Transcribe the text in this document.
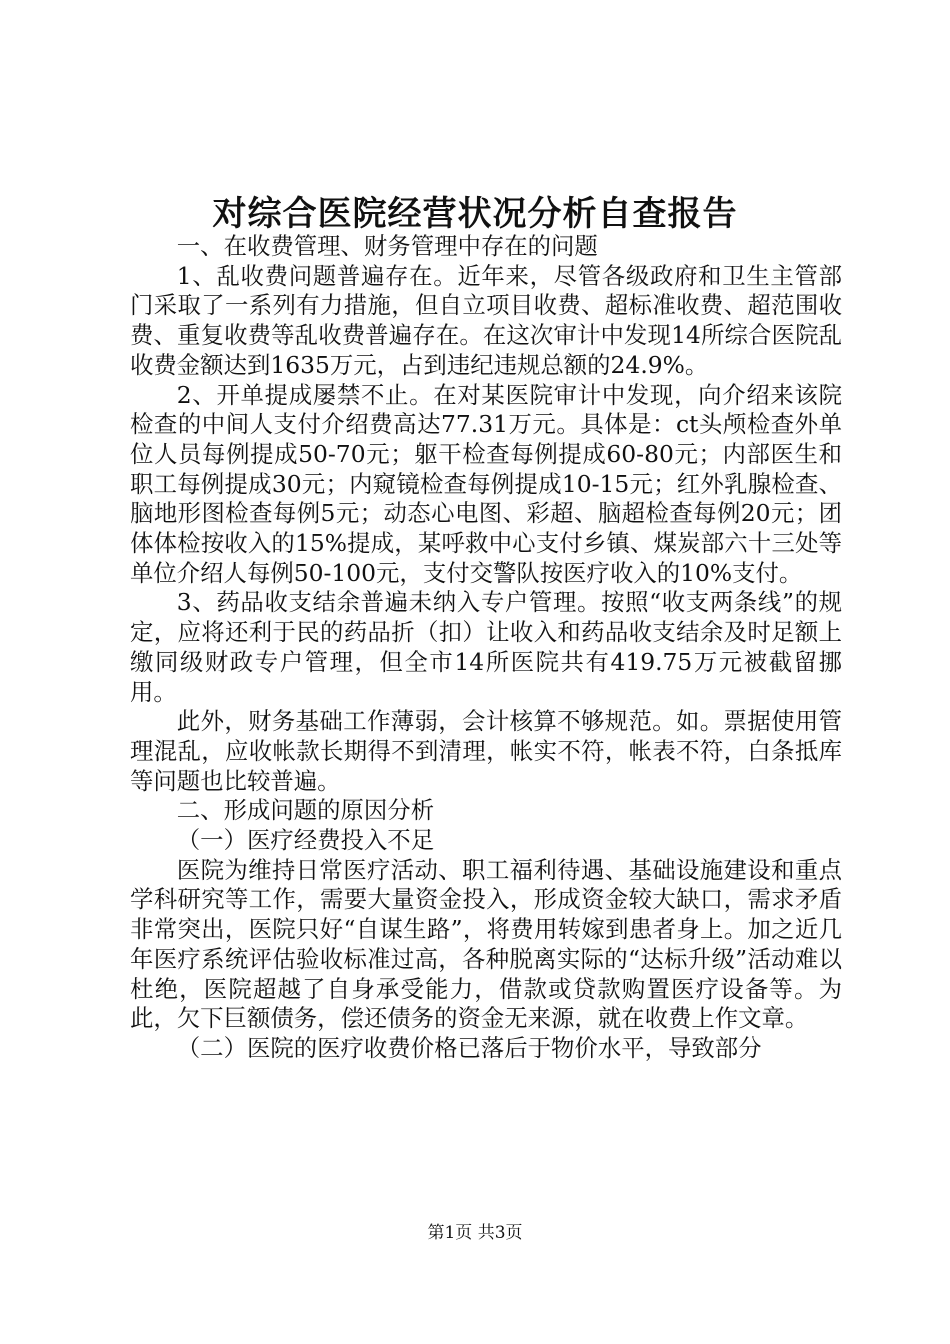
对综合医院经营状况分析自查报告

一、在收费管理、财务管理中存在的问题

1、乱收费问题普遍存在。近年来，尽管各级政府和卫生主管部门采取了一系列有力措施，但自立项目收费、超标准收费、超范围收费、重复收费等乱收费普遍存在。在这次审计中发现14所综合医院乱收费金额达到1635万元，占到违纪违规总额的24.9%。

2、开单提成屡禁不止。在对某医院审计中发现，向介绍来该院检查的中间人支付介绍费高达77.31万元。具体是：ct头颅检查外单位人员每例提成50-70元；躯干检查每例提成60-80元；内部医生和职工每例提成30元；内窥镜检查每例提成10-15元；红外乳腺检查、脑地形图检查每例5元；动态心电图、彩超、脑超检查每例20元；团体体检按收入的15%提成，某呼救中心支付乡镇、煤炭部六十三处等单位介绍人每例50-100元，支付交警队按医疗收入的10%支付。

3、药品收支结余普遍未纳入专户管理。按照“收支两条线”的规定，应将还利于民的药品折（扣）让收入和药品收支结余及时足额上缴同级财政专户管理，但全市14所医院共有419.75万元被截留挪用。

此外，财务基础工作薄弱，会计核算不够规范。如。票据使用管理混乱，应收帐款长期得不到清理，帐实不符，帐表不符，白条抵库等问题也比较普遍。

二、形成问题的原因分析

（一）医疗经费投入不足

医院为维持日常医疗活动、职工福利待遇、基础设施建设和重点学科研究等工作，需要大量资金投入，形成资金较大缺口，需求矛盾非常突出，医院只好“自谋生路”，将费用转嫁到患者身上。加之近几年医疗系统评估验收标准过高，各种脱离实际的“达标升级”活动难以杜绝，医院超越了自身承受能力，借款或贷款购置医疗设备等。为此，欠下巨额债务，偿还债务的资金无来源，就在收费上作文章。

（二）医院的医疗收费价格已落后于物价水平，导致部分

第1页 共3页
